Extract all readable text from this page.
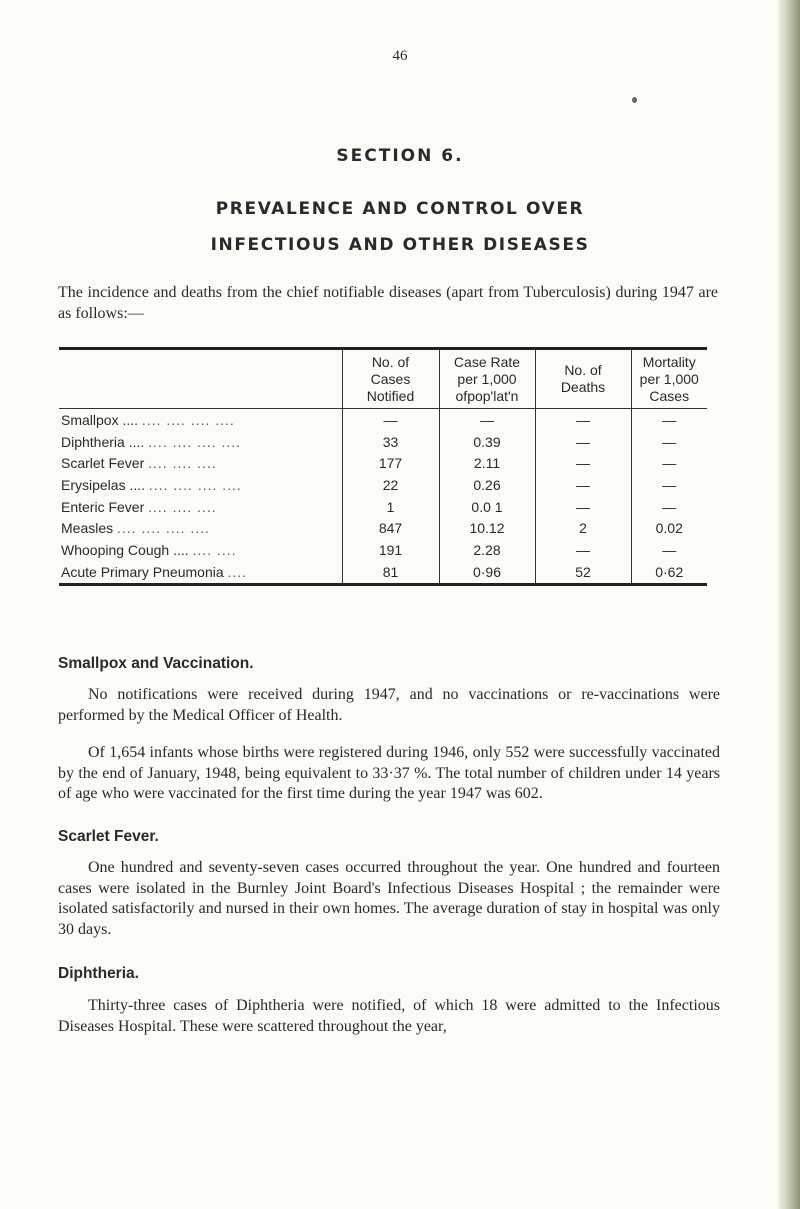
46
SECTION 6.
PREVALENCE AND CONTROL OVER
INFECTIOUS AND OTHER DISEASES

The incidence and deaths from the chief notifiable diseases (apart from Tuberculosis) during 1947 are as follows:—

	No. of
Cases
Notified	Case Rate
per 1,000
ofpop'lat'n	No. of
Deaths	Mortality
per 1,000
Cases
Smallpox .... .... .... .... ....	—	—	—	—
Diphtheria .... .... .... .... ....	33	0.39	—	—
Scarlet Fever .... .... ....	177	2.11	—	—
Erysipelas .... .... .... .... ....	22	0.26	—	—
Enteric Fever .... .... ....	1	0.0 1	—	—
Measles .... .... .... ....	847	10.12	2	0.02
Whooping Cough .... .... ....	191	2.28	—	—
Acute Primary Pneumonia ....	81	0·96	52	0·62
Smallpox and Vaccination.

No notifications were received during 1947, and no vaccinations or re-vaccinations were performed by the Medical Officer of Health.

Of 1,654 infants whose births were registered during 1946, only 552 were successfully vaccinated by the end of January, 1948, being equivalent to 33·37 %. The total number of children under 14 years of age who were vaccinated for the first time during the year 1947 was 602.

Scarlet Fever.

One hundred and seventy-seven cases occurred throughout the year. One hundred and fourteen cases were isolated in the Burnley Joint Board's Infectious Diseases Hospital ; the remainder were isolated satisfactorily and nursed in their own homes. The average duration of stay in hospital was only 30 days.

Diphtheria.

Thirty-three cases of Diphtheria were notified, of which 18 were admitted to the Infectious Diseases Hospital. These were scattered throughout the year,
